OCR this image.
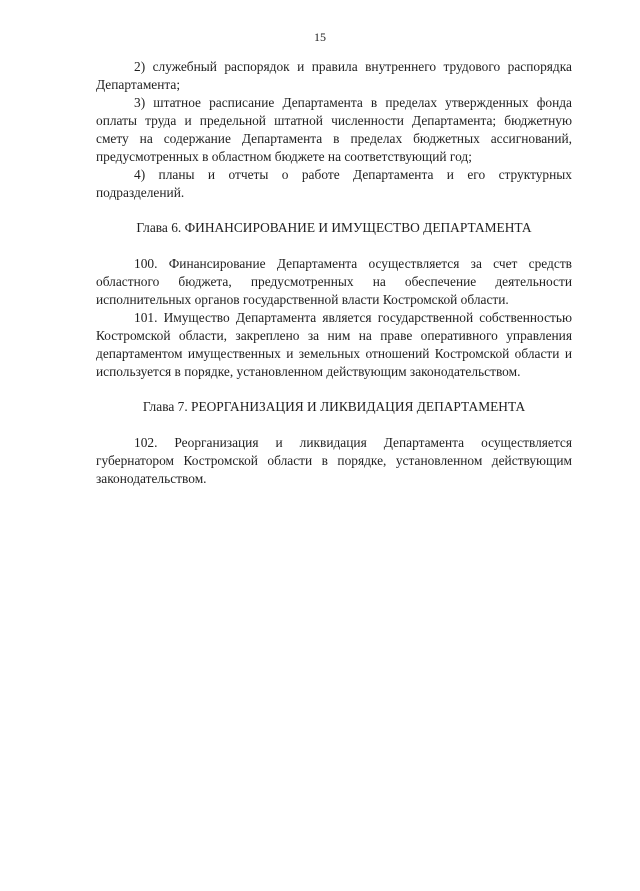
15

2) служебный распорядок и правила внутреннего трудового распорядка Департамента;

3) штатное расписание Департамента в пределах утвержденных фонда оплаты труда и предельной штатной численности Департамента; бюджетную смету на содержание Департамента в пределах бюджетных ассигнований, предусмотренных в областном бюджете на соответствующий год;

4) планы и отчеты о работе Департамента и его структурных подразделений.

Глава 6. ФИНАНСИРОВАНИЕ И ИМУЩЕСТВО ДЕПАРТАМЕНТА

100. Финансирование Департамента осуществляется за счет средств областного бюджета, предусмотренных на обеспечение деятельности исполнительных органов государственной власти Костромской области.

101. Имущество Департамента является государственной собственностью Костромской области, закреплено за ним на праве оперативного управления департаментом имущественных и земельных отношений Костромской области и используется в порядке, установленном действующим законодательством.

Глава 7. РЕОРГАНИЗАЦИЯ И ЛИКВИДАЦИЯ ДЕПАРТАМЕНТА

102. Реорганизация и ликвидация Департамента осуществляется губернатором Костромской области в порядке, установленном действующим законодательством.
